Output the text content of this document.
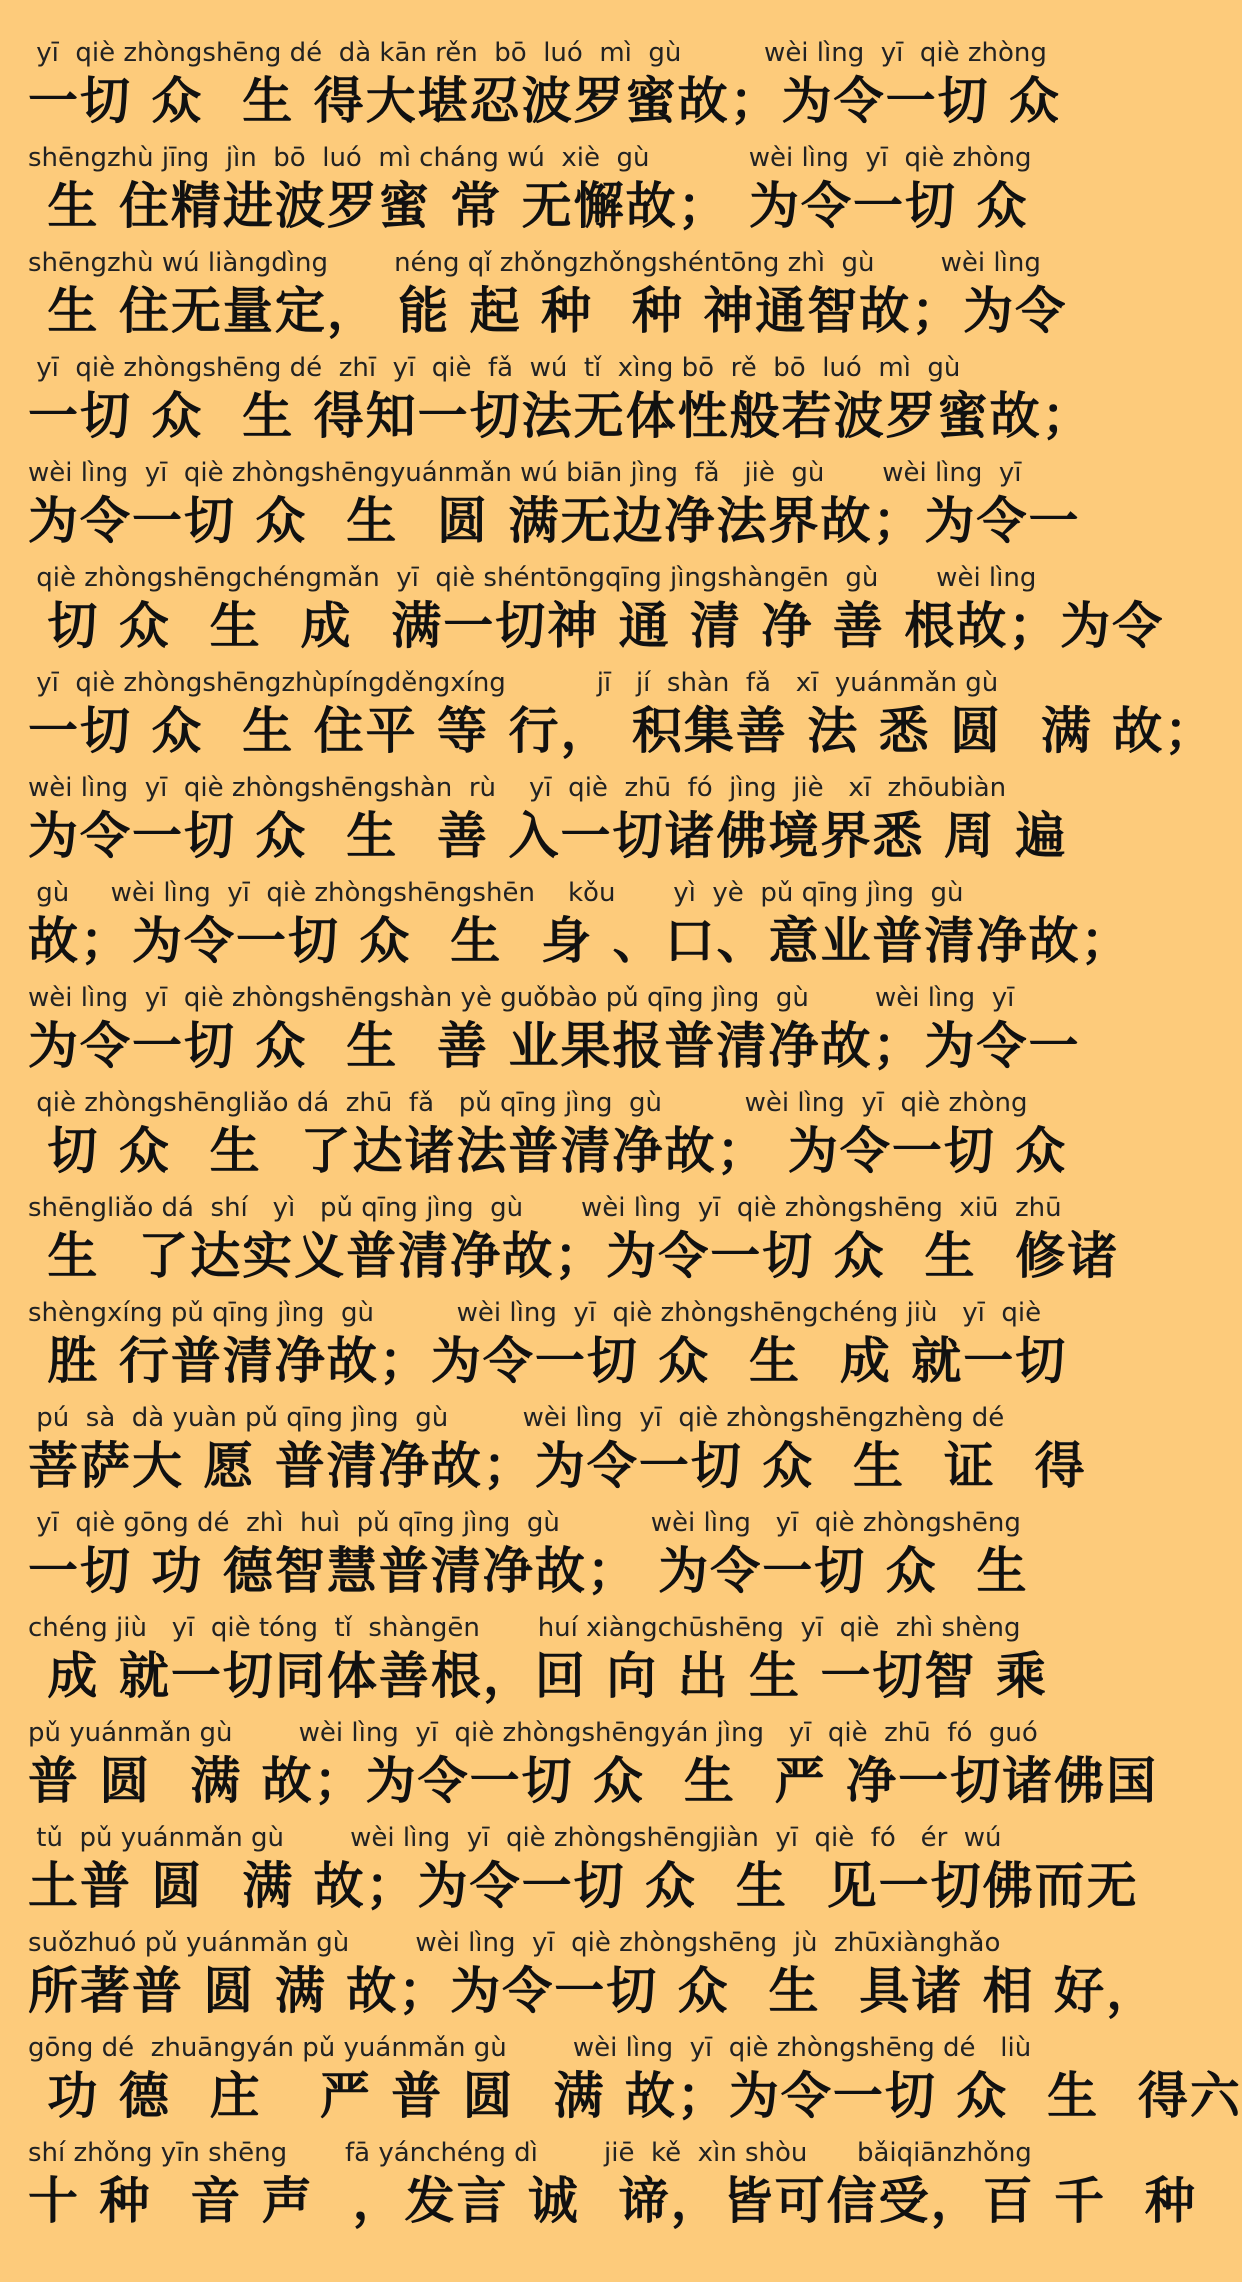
yī  qiè zhòngshēng dé  dà kān rěn  bō  luó  mì  gù          wèi lìng  yī  qiè zhòng
一切 众  生 得大堪忍波罗蜜故；为令一切 众
shēngzhù jīng  jìn  bō  luó  mì cháng wú  xiè  gù            wèi lìng  yī  qiè zhòng
生 住精进波罗蜜 常 无懈故； 为令一切 众
shēngzhù wú liàngdìng        néng qǐ zhǒngzhǒngshéntōng zhì  gù        wèi lìng
生 住无量定， 能 起 种  种 神通智故；为令
yī  qiè zhòngshēng dé  zhī  yī  qiè  fǎ  wú  tǐ  xìng bō  rě  bō  luó  mì  gù
一切 众  生 得知一切法无体性般若波罗蜜故；
wèi lìng  yī  qiè zhòngshēngyuánmǎn wú biān jìng  fǎ   jiè  gù       wèi lìng  yī
为令一切 众  生  圆 满无边净法界故；为令一
qiè zhòngshēngchéngmǎn  yī  qiè shéntōngqīng jìngshàngēn  gù       wèi lìng
切 众  生  成  满一切神 通 清 净 善 根故；为令
yī  qiè zhòngshēngzhùpíngděngxíng           jī   jí  shàn  fǎ   xī  yuánmǎn gù
一切 众  生 住平 等 行， 积集善 法 悉 圆  满 故；
wèi lìng  yī  qiè zhòngshēngshàn  rù    yī  qiè  zhū  fó  jìng  jiè   xī  zhōubiàn
为令一切 众  生  善 入一切诸佛境界悉 周 遍
gù     wèi lìng  yī  qiè zhòngshēngshēn    kǒu       yì  yè  pǔ qīng jìng  gù
故；为令一切 众  生  身 、口、意业普清净故；
wèi lìng  yī  qiè zhòngshēngshàn yè guǒbào pǔ qīng jìng  gù        wèi lìng  yī
为令一切 众  生  善 业果报普清净故；为令一
qiè zhòngshēngliǎo dá  zhū  fǎ   pǔ qīng jìng  gù          wèi lìng  yī  qiè zhòng
切 众  生  了达诸法普清净故； 为令一切 众
shēngliǎo dá  shí   yì   pǔ qīng jìng  gù       wèi lìng  yī  qiè zhòngshēng  xiū  zhū
生  了达实义普清净故；为令一切 众  生  修诸
shèngxíng pǔ qīng jìng  gù          wèi lìng  yī  qiè zhòngshēngchéng jiù   yī  qiè
胜 行普清净故；为令一切 众  生  成 就一切
pú  sà  dà yuàn pǔ qīng jìng  gù         wèi lìng  yī  qiè zhòngshēngzhèng dé
菩萨大 愿 普清净故；为令一切 众  生  证  得
yī  qiè gōng dé  zhì  huì  pǔ qīng jìng  gù           wèi lìng   yī  qiè zhòngshēng
一切 功 德智慧普清净故； 为令一切 众  生
chéng jiù   yī  qiè tóng  tǐ  shàngēn       huí xiàngchūshēng  yī  qiè  zhì shèng
成 就一切同体善根，回 向 出 生 一切智 乘
pǔ yuánmǎn gù        wèi lìng  yī  qiè zhòngshēngyán jìng   yī  qiè  zhū  fó  guó
普 圆  满 故；为令一切 众  生  严 净一切诸佛国
tǔ  pǔ yuánmǎn gù        wèi lìng  yī  qiè zhòngshēngjiàn  yī  qiè  fó   ér  wú
土普 圆  满 故；为令一切 众  生  见一切佛而无
suǒzhuó pǔ yuánmǎn gù        wèi lìng  yī  qiè zhòngshēng  jù  zhūxiànghǎo
所著普 圆 满 故；为令一切 众  生  具诸 相 好，
gōng dé  zhuāngyán pǔ yuánmǎn gù        wèi lìng  yī  qiè zhòngshēng dé   liù
功 德  庄   严 普 圆  满 故；为令一切 众  生  得六
shí zhǒng yīn shēng       fā yánchéng dì        jiē  kě  xìn shòu      bǎiqiānzhǒng
十 种  音 声  ，发言 诚  谛，皆可信受，百 千  种
